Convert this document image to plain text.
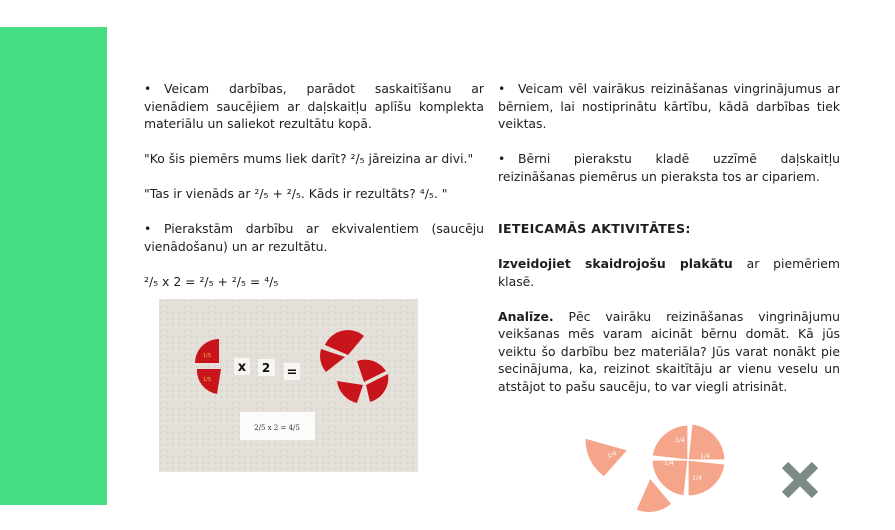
• Veicam darbības, parādot saskaitīšanu ar vienādiem saucējiem ar daļskaitļu aplīšu komplekta materiālu un saliekot rezultātu kopā.

"Ko šis piemērs mums liek darīt? ²/₅ jāreizina ar divi."

"Tas ir vienāds ar ²/₅ + ²/₅. Kāds ir rezultāts? ⁴/₅. "

• Pierakstām darbību ar ekvivalentiem (saucēju vienādošanu) un ar rezultātu.

²/₅ x 2 = ²/₅ + ²/₅ = ⁴/₅

1/5
1/5
x 2 =
2/5 x 2 = 4/5

• Veicam vēl vairākus reizināšanas vingrinājumus ar bērniem, lai nostiprinātu kārtību, kādā darbības tiek veiktas.

• Bērni pierakstu kladē uzzīmē daļskaitļu reizināšanas piemērus un pieraksta tos ar cipariem.

IETEICAMĀS AKTIVITĀTES:

Izveidojiet skaidrojošu plakātu ar piemēriem klasē.

Analīze. Pēc vairāku reizināšanas vingrinājumu veikšanas mēs varam aicināt bērnu domāt. Kā jūs veiktu šo darbību bez materiāla? Jūs varat nonākt pie secinājuma, ka, reizinot skaitītāju ar vienu veselu un atstājot to pašu saucēju, to var viegli atrisināt.

1/4
1/4
1/4
1/4
1/4
1/4
